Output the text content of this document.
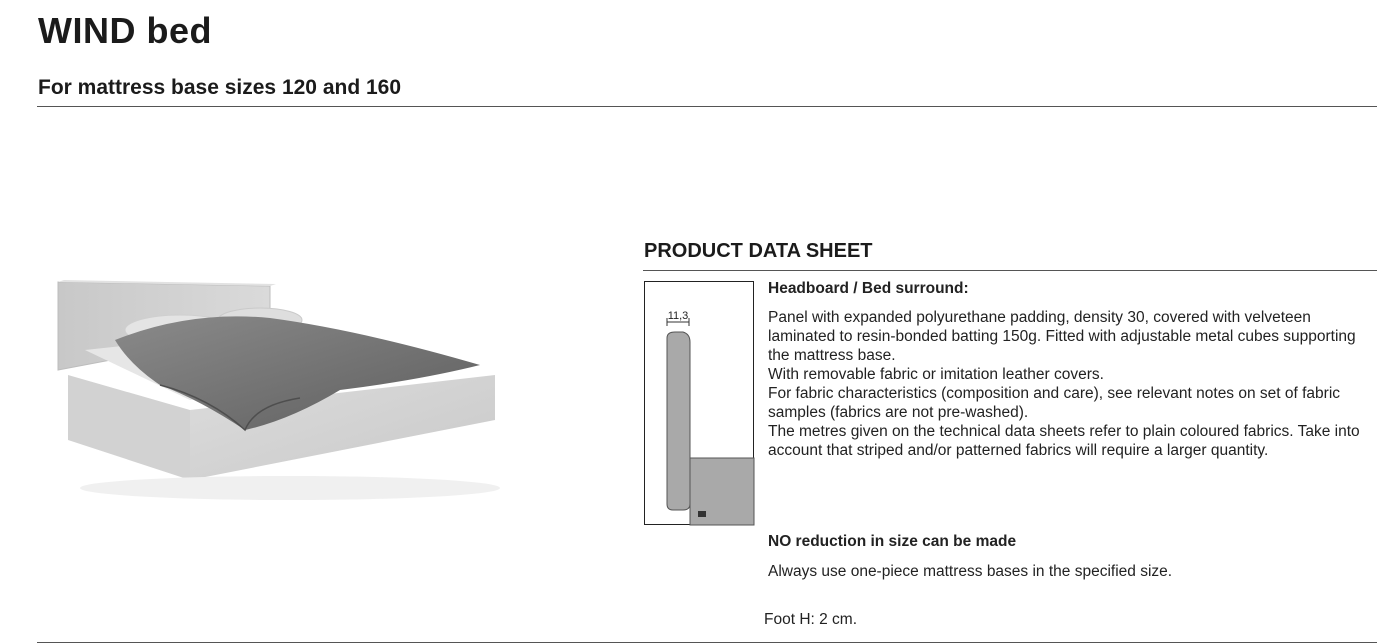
WIND bed
For mattress base sizes 120 and 160
PRODUCT DATA SHEET
11,3
Headboard / Bed surround:

Panel with expanded polyurethane padding, density 30, covered with velveteen laminated to resin-bonded batting 150g. Fitted with adjustable metal cubes supporting the mattress base.

With removable fabric or imitation leather covers.

For fabric characteristics (composition and care), see relevant notes on set of fabric samples (fabrics are not pre-washed).

The metres given on the technical data sheets refer to plain coloured fabrics. Take into account that striped and/or patterned fabrics will require a larger quantity.

NO reduction in size can be made
Always use one-piece mattress bases in the specified size.
Foot H: 2 cm.
